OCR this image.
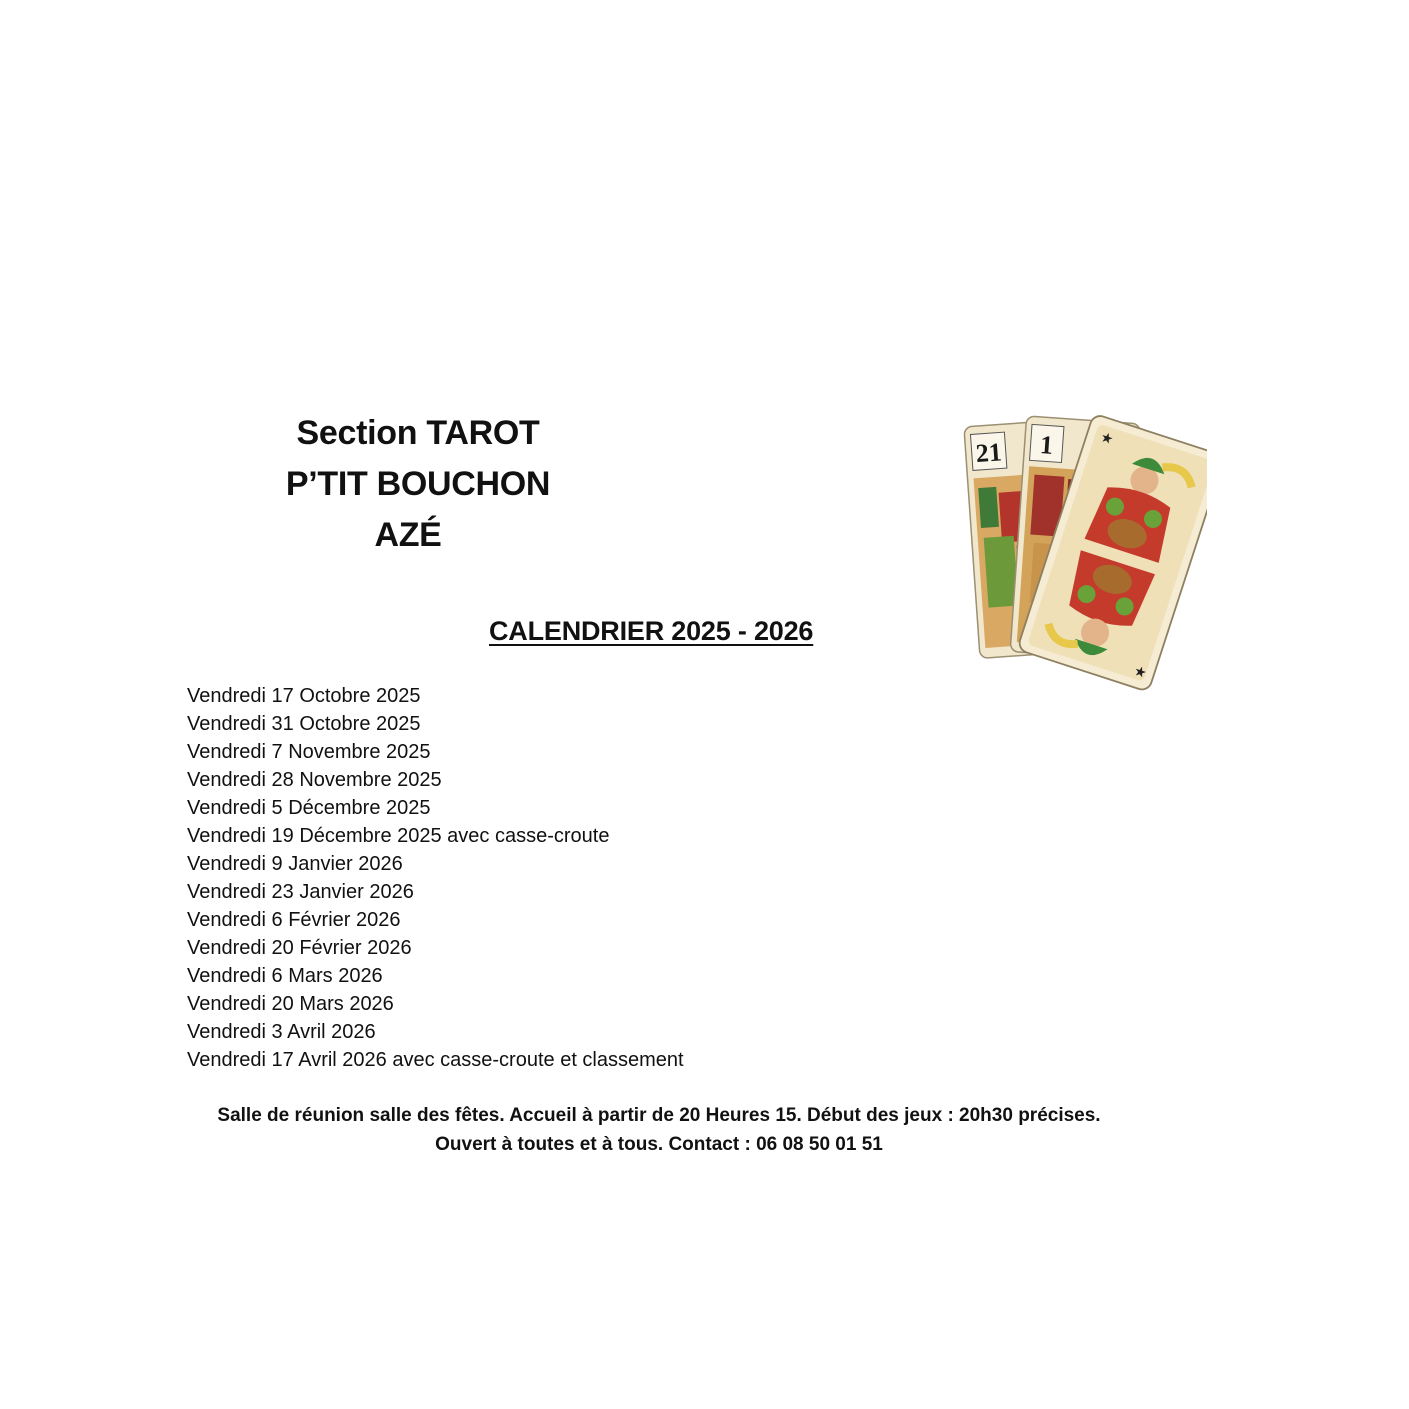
Section TAROT
P’TIT BOUCHON
AZÉ
CALENDRIER 2025 - 2026
Vendredi 17 Octobre 2025
Vendredi 31 Octobre 2025
Vendredi 7 Novembre 2025
Vendredi 28 Novembre 2025
Vendredi 5 Décembre 2025
Vendredi 19 Décembre 2025 avec casse-croute
Vendredi 9 Janvier 2026
Vendredi 23 Janvier 2026
Vendredi 6 Février 2026
Vendredi 20 Février 2026
Vendredi 6 Mars 2026
Vendredi 20 Mars 2026
Vendredi 3 Avril 2026
Vendredi 17 Avril 2026 avec casse-croute et classement
Salle de réunion salle des fêtes. Accueil à partir de 20 Heures 15. Début des jeux : 20h30 précises.
Ouvert à toutes et à tous. Contact : 06 08 50 01 51
21 1	★
★
